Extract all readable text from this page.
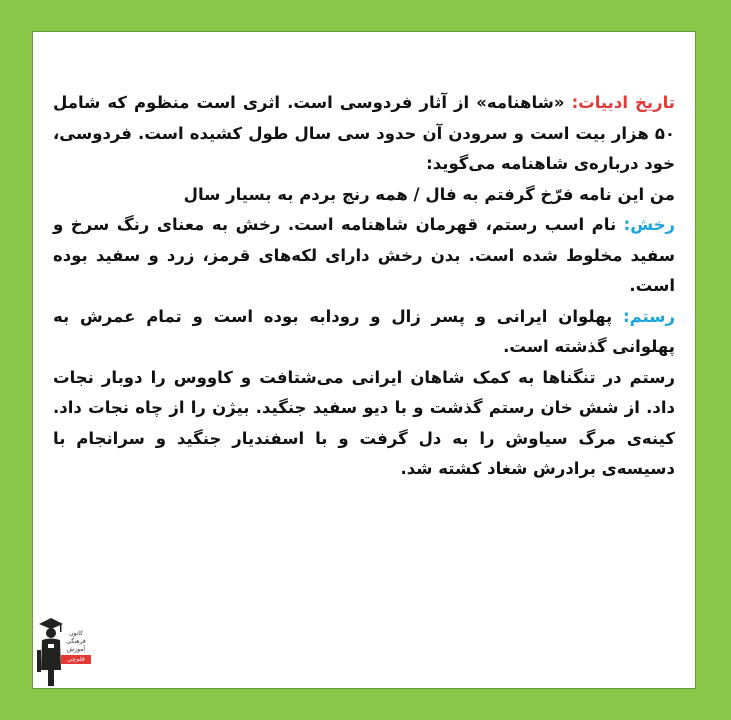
تاریخ ادبیات: «شاهنامه» از آثار فردوسی است. اثری است منظوم که شامل ۵۰ هزار بیت است و سرودن آن حدود سی سال طول کشیده است. فردوسی، خود درباره‌ی شاهنامه می‌گوید:

من این نامه فرّخ گرفتم به فال / همه رنج بردم به بسیار سال

رخش: نام اسب رستم، قهرمان شاهنامه است. رخش به معنای رنگ سرخ و سفید مخلوط شده است. بدن رخش دارای لکه‌های قرمز، زرد و سفید بوده است.

رستم: پهلوان ایرانی و پسر زال و رودابه بوده است و تمام عمرش به پهلوانی گذشته است.

رستم در تنگناها به کمک شاهان ایرانی می‌شتافت و کاووس را دوبار نجات داد. از شش خان رستم گذشت و با دیو سفید جنگید. بیژن را از چاه نجات داد. کینه‌ی مرگ سیاوش را به دل گرفت و با اسفندیار جنگید و سرانجام با دسیسه‌ی برادرش شغاد کشته شد.

کانون
فرهنگی
آموزش
قلم‌چی
